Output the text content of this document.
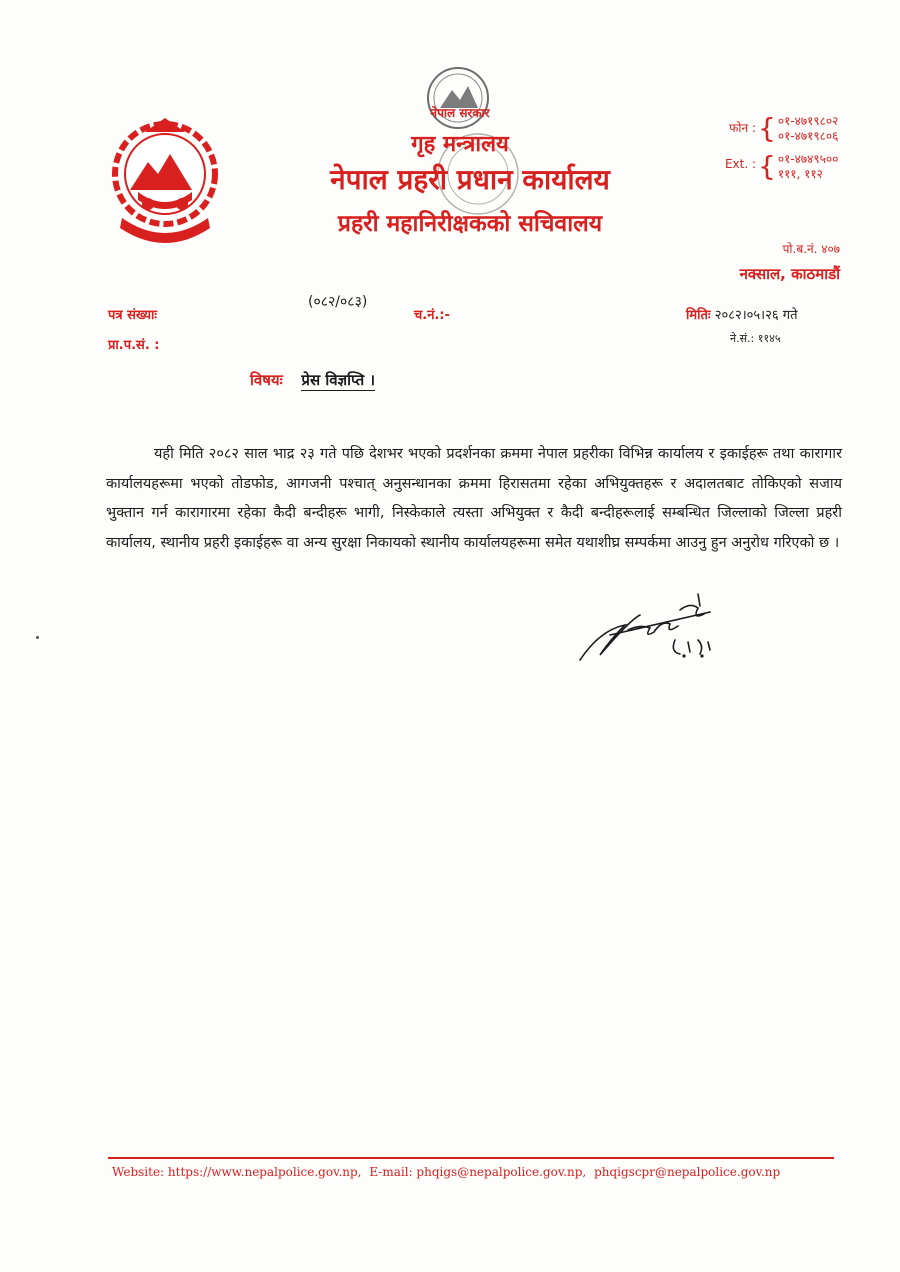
नेपाल सरकार
गृह मन्त्रालय
नेपाल प्रहरी प्रधान कार्यालय
प्रहरी महानिरीक्षकको सचिवालय
फोन : { ०१-४७१९८०२
०१-४७१९८०६
Ext. : { ०१-४७४९५००
१११, ११२
पो.ब.नं. ४०७
नक्साल, काठमाडौं
पत्र संख्याः
(०८२/०८३)
च.नं.:-	मितिः २०८२।०५।२६ गते
ने.सं.: ११४५
प्रा.प.सं. :
विषयः प्रेस विज्ञप्ति ।
यही मिति २०८२ साल भाद्र २३ गते पछि देशभर भएको प्रदर्शनका क्रममा नेपाल प्रहरीका विभिन्न कार्यालय र इकाईहरू तथा कारागार कार्यालयहरूमा भएको तोडफोड, आगजनी पश्चात् अनुसन्धानका क्रममा हिरासतमा रहेका अभियुक्तहरू र अदालतबाट तोकिएको सजाय भुक्तान गर्न कारागारमा रहेका कैदी बन्दीहरू भागी, निस्केकाले त्यस्ता अभियुक्त र कैदी बन्दीहरूलाई सम्बन्धित जिल्लाको जिल्ला प्रहरी कार्यालय, स्थानीय प्रहरी इकाईहरू वा अन्य सुरक्षा निकायको स्थानीय कार्यालयहरूमा समेत यथाशीघ्र सम्पर्कमा आउनु हुन अनुरोध गरिएको छ ।
Website: https://www.nepalpolice.gov.np, E-mail: phqigs@nepalpolice.gov.np, phqigscpr@nepalpolice.gov.np
